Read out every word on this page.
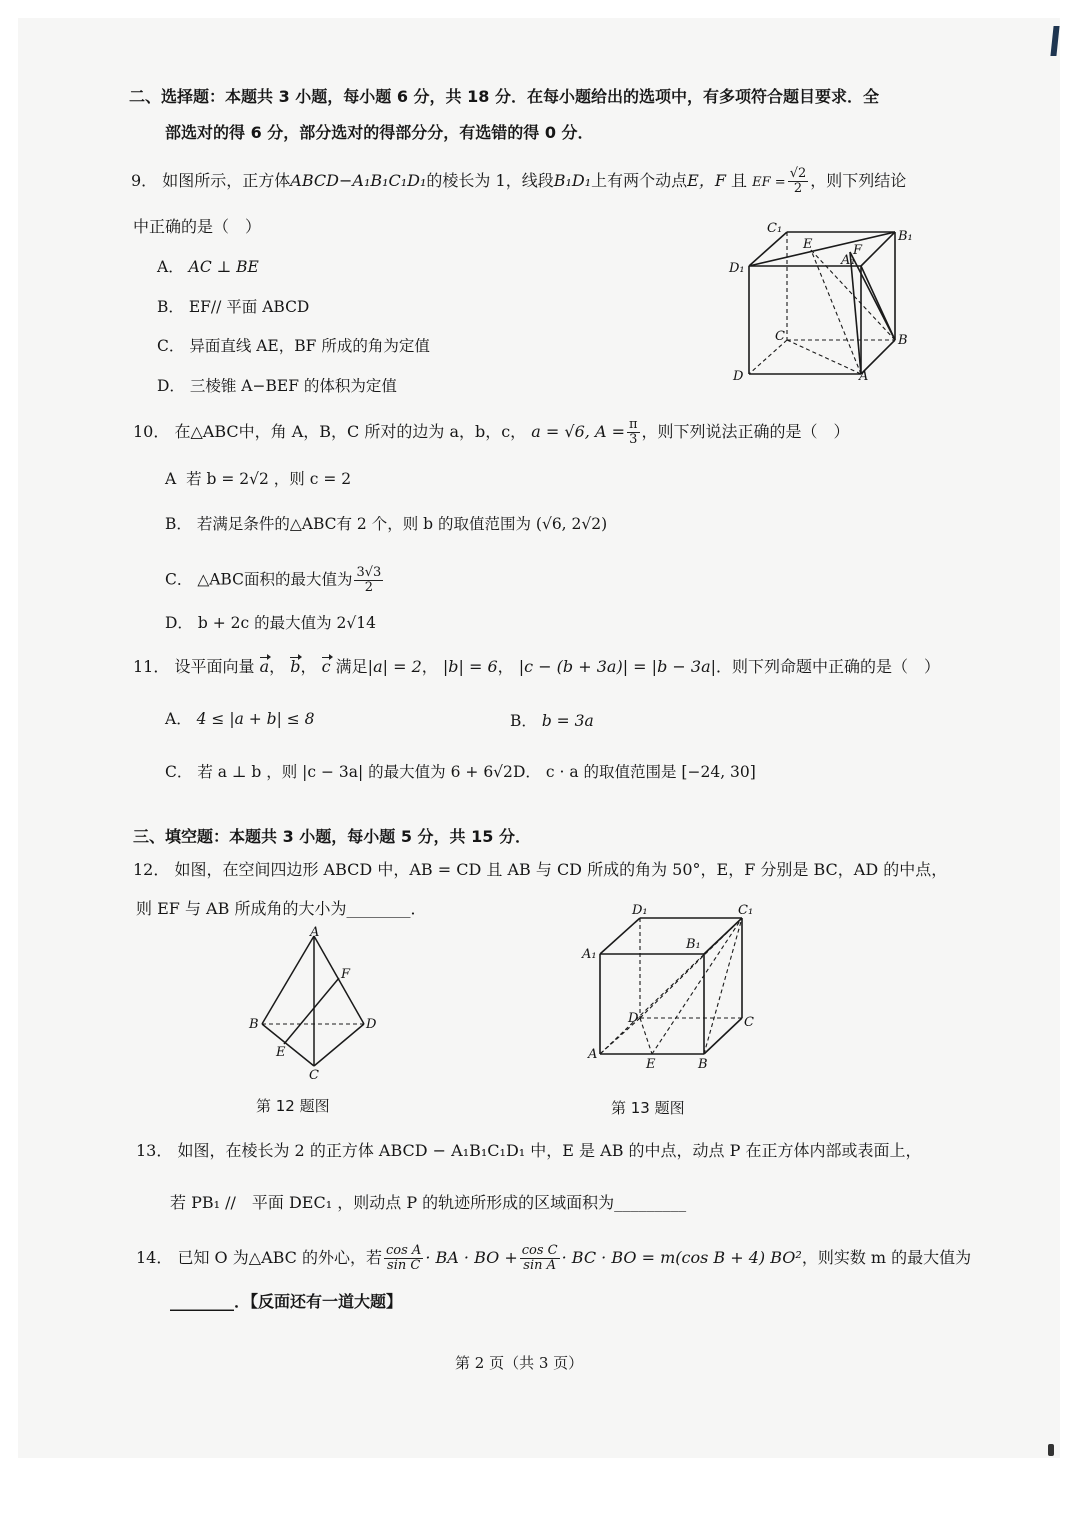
二、选择题：本题共 3 小题，每小题 6 分，共 18 分．在每小题给出的选项中，有多项符合题目要求．全
部选对的得 6 分，部分选对的得部分分，有选错的得 0 分．
9． 如图所示，正方体ABCD−A₁B₁C₁D₁的棱长为 1，线段B₁D₁上有两个动点E，F 且 EF = $\frac{√2}{2}$ ，则下列结论
中正确的是（　）
A． AC ⊥ BE
B． EF// 平面 ABCD
C． 异面直线 AE，BF 所成的角为定值
D． 三棱锥 A−BEF 的体积为定值
C₁
E	F
A₁
B₁
D₁
C	B
D	A
10． 在△ABC中，角 A，B，C 所对的边为 a，b，c， a = √6, $A = \frac{\pi}{3}$ ，则下列说法正确的是（　）
A 若 b = 2√2 ，则 c = 2
B． 若满足条件的△ABC有 2 个，则 b 的取值范围为 (√6, 2√2)
C． △ABC面积的最大值为 $\frac{3√3}{2}$
D． b + 2c 的最大值为 2√14
11． 设平面向量 a， b， c 满足|a| = 2， |b| = 6， |c − (b + 3a)| = |b − 3a|．则下列命题中正确的是（　）
A． 4 ≤ |a + b| ≤ 8	B． b = 3a
C． 若 a ⊥ b ，则 |c − 3a| 的最大值为 6 + 6√2 D． c · a 的取值范围是 [−24, 30]
三、填空题：本题共 3 小题，每小题 5 分，共 15 分．
12． 如图，在空间四边形 ABCD 中，AB = CD 且 AB 与 CD 所成的角为 50°，E，F 分别是 BC，AD 的中点，
则 EF 与 AB 所成角的大小为________．
A
F
B	D
E
C
第 12 题图
D₁	C₁
B₁
A₁
D	C
A
E	B
第 13 题图
13． 如图，在棱长为 2 的正方体 ABCD − A₁B₁C₁D₁ 中，E 是 AB 的中点，动点 P 在正方体内部或表面上，
若 PB₁ //　平面 DEC₁ ，则动点 P 的轨迹所形成的区域面积为_________
14． 已知 O 为△ABC 的外心，若 $\frac{\text{cos A}}{\text{sin C}}$ · BA · BO + $\frac{\text{cos C}}{\text{sin A}}$ · BC · BO = m(cos B + 4) BO²，则实数 m 的最大值为
________．【反面还有一道大题】
第 2 页（共 3 页）
